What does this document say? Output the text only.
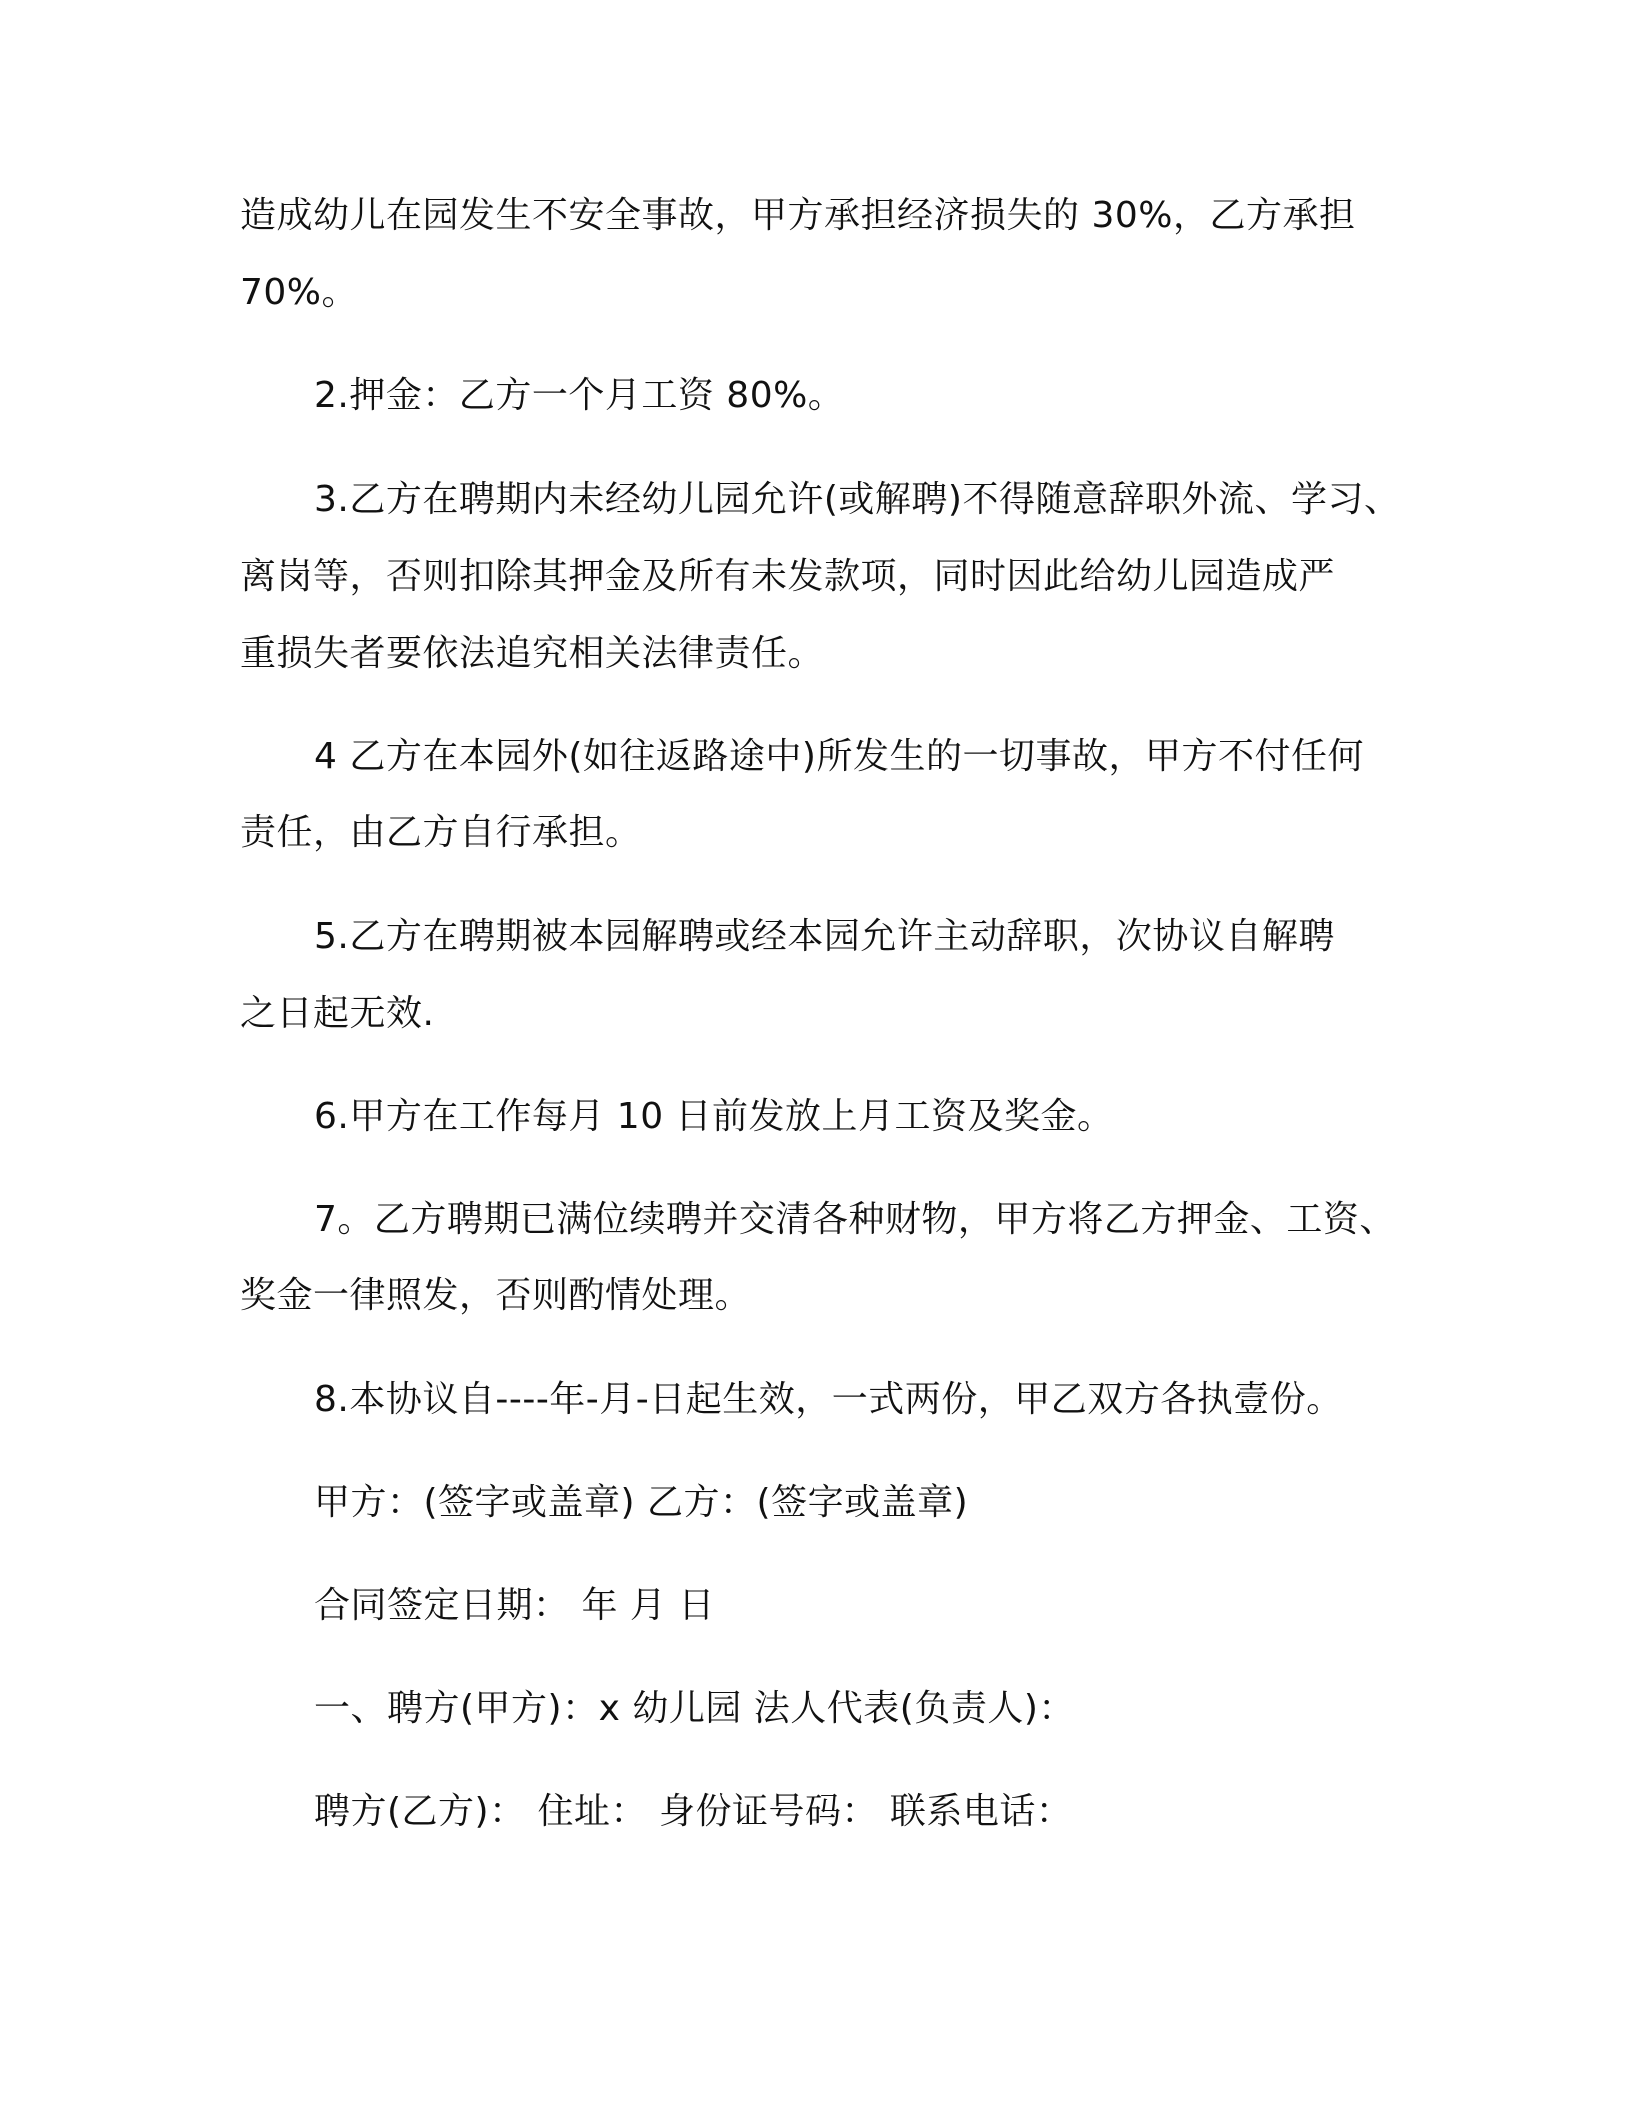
造成幼儿在园发生不安全事故，甲方承担经济损失的 30%，乙方承担
70%。
2.押金：乙方一个月工资 80%。
3.乙方在聘期内未经幼儿园允许(或解聘)不得随意辞职外流、学习、
离岗等，否则扣除其押金及所有未发款项，同时因此给幼儿园造成严
重损失者要依法追究相关法律责任。
4 乙方在本园外(如往返路途中)所发生的一切事故，甲方不付任何
责任，由乙方自行承担。
5.乙方在聘期被本园解聘或经本园允许主动辞职，次协议自解聘
之日起无效.
6.甲方在工作每月 10 日前发放上月工资及奖金。
7。乙方聘期已满位续聘并交清各种财物，甲方将乙方押金、工资、
奖金一律照发，否则酌情处理。
8.本协议自----年-月-日起生效，一式两份，甲乙双方各执壹份。
甲方：(签字或盖章) 乙方：(签字或盖章)
合同签定日期： 年 月 日
一、聘方(甲方)：x 幼儿园 法人代表(负责人)：
聘方(乙方)： 住址： 身份证号码： 联系电话：
